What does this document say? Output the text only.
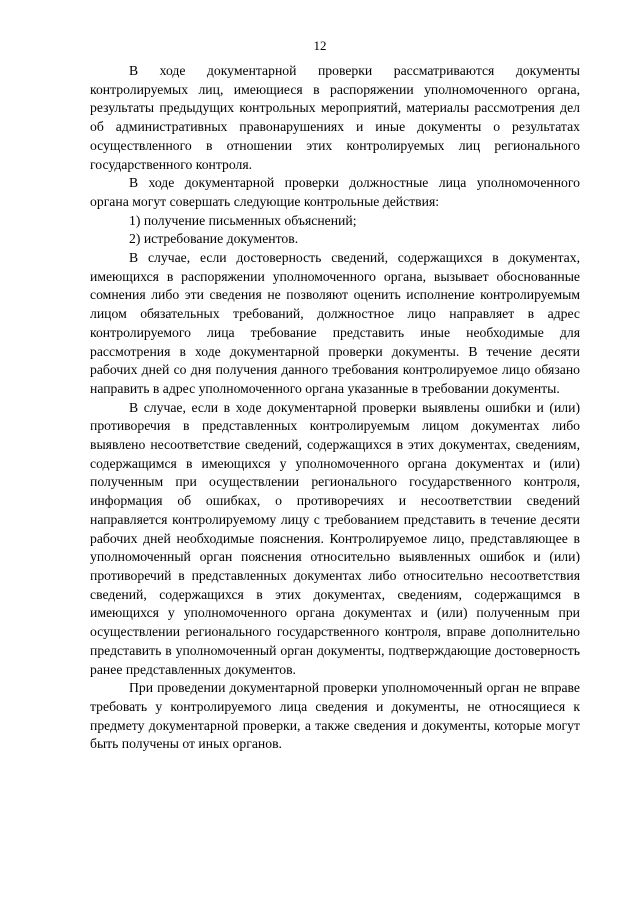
12

В ходе документарной проверки рассматриваются документы контролируемых лиц, имеющиеся в распоряжении уполномоченного органа, результаты предыдущих контрольных мероприятий, материалы рассмотрения дел об административных правонарушениях и иные документы о результатах осуществленного в отношении этих контролируемых лиц регионального государственного контроля.

В ходе документарной проверки должностные лица уполномоченного органа могут совершать следующие контрольные действия:

1) получение письменных объяснений;

2) истребование документов.

В случае, если достоверность сведений, содержащихся в документах, имеющихся в распоряжении уполномоченного органа, вызывает обоснованные сомнения либо эти сведения не позволяют оценить исполнение контролируемым лицом обязательных требований, должностное лицо направляет в адрес контролируемого лица требование представить иные необходимые для рассмотрения в ходе документарной проверки документы. В течение десяти рабочих дней со дня получения данного требования контролируемое лицо обязано направить в адрес уполномоченного органа указанные в требовании документы.

В случае, если в ходе документарной проверки выявлены ошибки и (или) противоречия в представленных контролируемым лицом документах либо выявлено несоответствие сведений, содержащихся в этих документах, сведениям, содержащимся в имеющихся у уполномоченного органа документах и (или) полученным при осуществлении регионального государственного контроля, информация об ошибках, о противоречиях и несоответствии сведений направляется контролируемому лицу с требованием представить в течение десяти рабочих дней необходимые пояснения. Контролируемое лицо, представляющее в уполномоченный орган пояснения относительно выявленных ошибок и (или) противоречий в представленных документах либо относительно несоответствия сведений, содержащихся в этих документах, сведениям, содержащимся в имеющихся у уполномоченного органа документах и (или) полученным при осуществлении регионального государственного контроля, вправе дополнительно представить в уполномоченный орган документы, подтверждающие достоверность ранее представленных документов.

При проведении документарной проверки уполномоченный орган не вправе требовать у контролируемого лица сведения и документы, не относящиеся к предмету документарной проверки, а также сведения и документы, которые могут быть получены от иных органов.
